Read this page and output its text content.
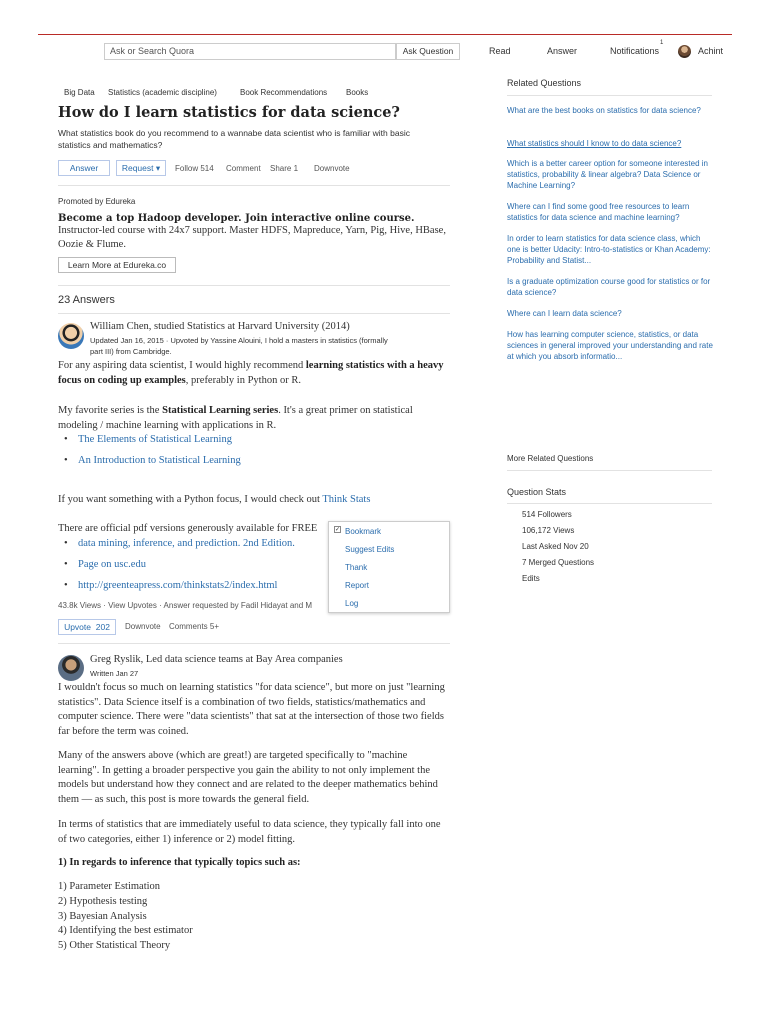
Ask or Search Quora	Ask Question	Read	Answer	Notifications
1
Achint
Big Data Statistics (academic discipline)	Book Recommendations Books
How do I learn statistics for data science?
What statistics book do you recommend to a wannabe data scientist who is familiar with basic statistics and mathematics?
Answer	Request ▾	Follow 514 Comment Share 1 Downvote
Promoted by Edureka
Become a top Hadoop developer. Join interactive online course.
Instructor-led course with 24x7 support. Master HDFS, Mapreduce, Yarn, Pig, Hive, HBase, Oozie & Flume.
Learn More at Edureka.co
23 Answers
William Chen, studied Statistics at Harvard University (2014)
Updated Jan 16, 2015 · Upvoted by Yassine Alouini, I hold a masters in statistics (formally
part III) from Cambridge.
For any aspiring data scientist, I would highly recommend learning statistics with a heavy focus on coding up examples, preferably in Python or R.
My favorite series is the Statistical Learning series. It's a great primer on statistical modeling / machine learning with applications in R.
• The Elements of Statistical Learning
• An Introduction to Statistical Learning
If you want something with a Python focus, I would check out Think Stats
There are official pdf versions generously available for FREE
• data mining, inference, and prediction. 2nd Edition.
• Page on usc.edu
• http://greenteapress.com/thinkstats2/index.html
43.8k Views · View Upvotes · Answer requested by Fadil Hidayat and M
Upvote 202	Downvote Comments 5+
✓ Bookmark
Suggest Edits
Thank
Report
Log
Greg Ryslik, Led data science teams at Bay Area companies
Written Jan 27
I wouldn't focus so much on learning statistics "for data science", but more on just "learning statistics". Data Science itself is a combination of two fields, statistics/mathematics and computer science. There were "data scientists" that sat at the intersection of those two fields far before the term was coined.
Many of the answers above (which are great!) are targeted specifically to "machine learning". In getting a broader perspective you gain the ability to not only implement the models but understand how they connect and are related to the deeper mathematics behind them — as such, this post is more towards the general field.
In terms of statistics that are immediately useful to data science, they typically fall into one of two categories, either 1) inference or 2) model fitting.
1) In regards to inference that typically topics such as:
1) Parameter Estimation
2) Hypothesis testing
3) Bayesian Analysis
4) Identifying the best estimator
5) Other Statistical Theory
Related Questions
What are the best books on statistics for data science?
What statistics should I know to do data science?
Which is a better career option for someone interested in statistics, probability & linear algebra? Data Science or Machine Learning?
Where can I find some good free resources to learn statistics for data science and machine learning?
In order to learn statistics for data science class, which one is better Udacity: Intro-to-statistics or Khan Academy: Probability and Statist...
Is a graduate optimization course good for statistics or for data science?
Where can I learn data science?
How has learning computer science, statistics, or data sciences in general improved your understanding and rate at which you absorb informatio...
More Related Questions
Question Stats
514 Followers
106,172 Views
Last Asked Nov 20
7 Merged Questions
Edits
